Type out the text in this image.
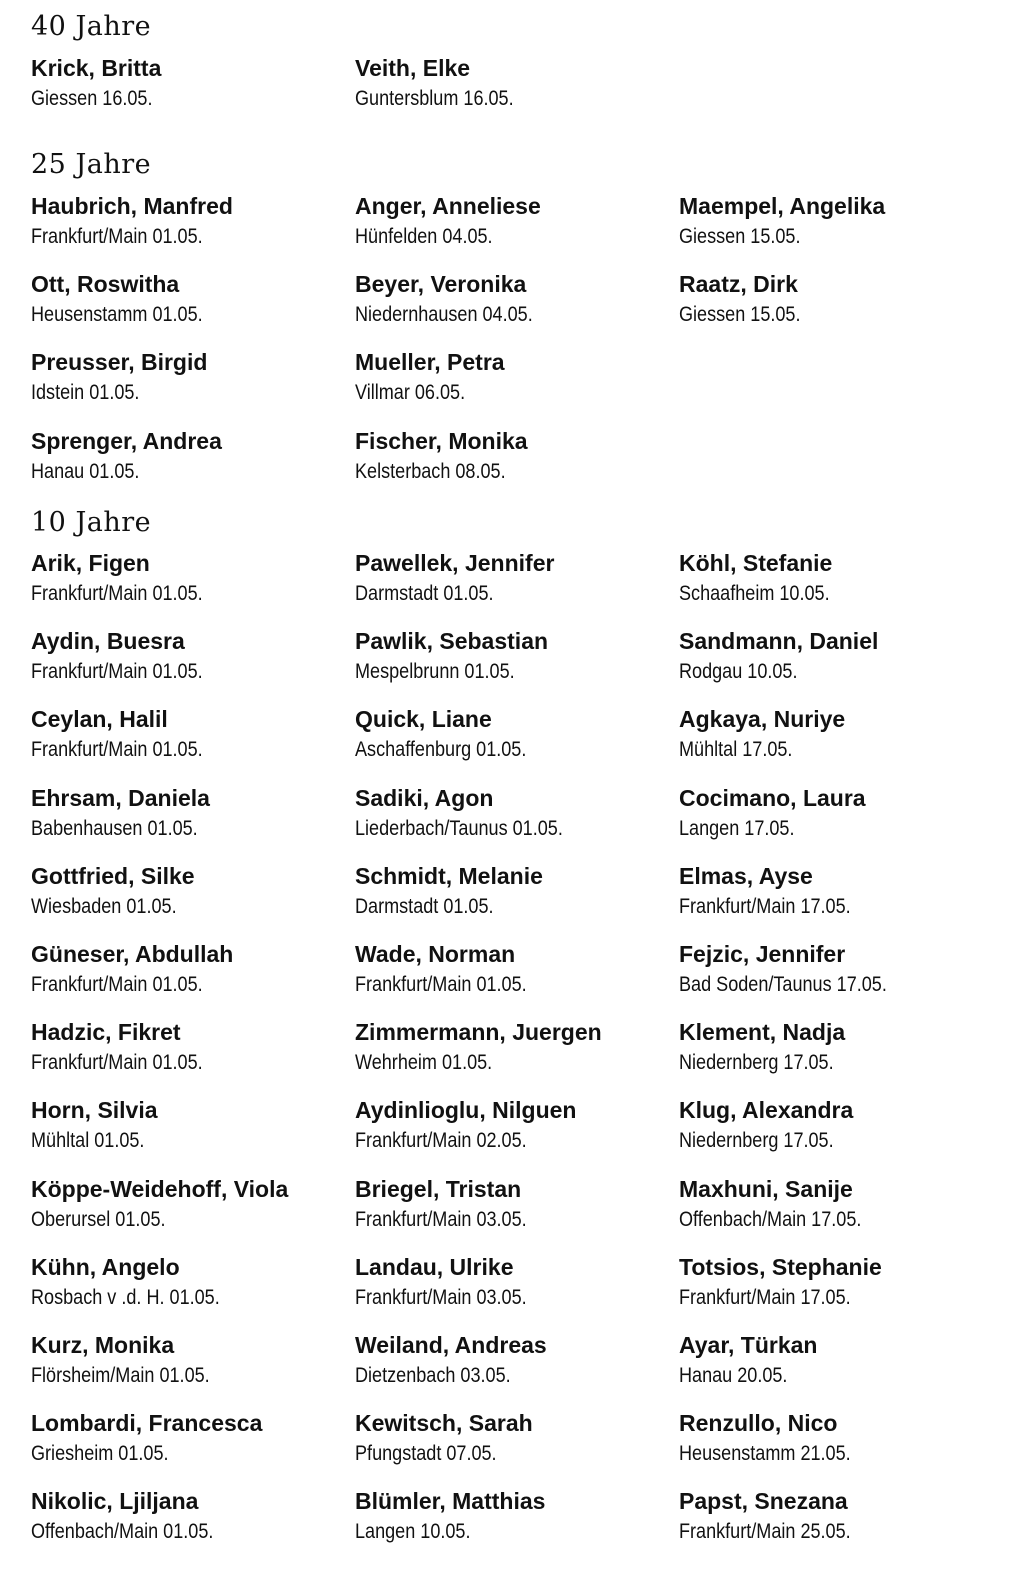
40 Jahre
Krick, Britta
Giessen 16.05.
Veith, Elke
Guntersblum 16.05.
25 Jahre
Haubrich, Manfred
Frankfurt/Main 01.05.
Ott, Roswitha
Heusenstamm 01.05.
Preusser, Birgid
Idstein 01.05.
Sprenger, Andrea
Hanau 01.05.
Anger, Anneliese
Hünfelden 04.05.
Beyer, Veronika
Niedernhausen 04.05.
Mueller, Petra
Villmar 06.05.
Fischer, Monika
Kelsterbach 08.05.
Maempel, Angelika
Giessen 15.05.
Raatz, Dirk
Giessen 15.05.
10 Jahre
Arik, Figen
Frankfurt/Main 01.05.
Aydin, Buesra
Frankfurt/Main 01.05.
Ceylan, Halil
Frankfurt/Main 01.05.
Ehrsam, Daniela
Babenhausen 01.05.
Gottfried, Silke
Wiesbaden 01.05.
Güneser, Abdullah
Frankfurt/Main 01.05.
Hadzic, Fikret
Frankfurt/Main 01.05.
Horn, Silvia
Mühltal 01.05.
Köppe-Weidehoff, Viola
Oberursel 01.05.
Kühn, Angelo
Rosbach v .d. H. 01.05.
Kurz, Monika
Flörsheim/Main 01.05.
Lombardi, Francesca
Griesheim 01.05.
Nikolic, Ljiljana
Offenbach/Main 01.05.
Pawellek, Jennifer
Darmstadt 01.05.
Pawlik, Sebastian
Mespelbrunn 01.05.
Quick, Liane
Aschaffenburg 01.05.
Sadiki, Agon
Liederbach/Taunus 01.05.
Schmidt, Melanie
Darmstadt 01.05.
Wade, Norman
Frankfurt/Main 01.05.
Zimmermann, Juergen
Wehrheim 01.05.
Aydinlioglu, Nilguen
Frankfurt/Main 02.05.
Briegel, Tristan
Frankfurt/Main 03.05.
Landau, Ulrike
Frankfurt/Main 03.05.
Weiland, Andreas
Dietzenbach 03.05.
Kewitsch, Sarah
Pfungstadt 07.05.
Blümler, Matthias
Langen 10.05.
Köhl, Stefanie
Schaafheim 10.05.
Sandmann, Daniel
Rodgau 10.05.
Agkaya, Nuriye
Mühltal 17.05.
Cocimano, Laura
Langen 17.05.
Elmas, Ayse
Frankfurt/Main 17.05.
Fejzic, Jennifer
Bad Soden/Taunus 17.05.
Klement, Nadja
Niedernberg 17.05.
Klug, Alexandra
Niedernberg 17.05.
Maxhuni, Sanije
Offenbach/Main 17.05.
Totsios, Stephanie
Frankfurt/Main 17.05.
Ayar, Türkan
Hanau 20.05.
Renzullo, Nico
Heusenstamm 21.05.
Papst, Snezana
Frankfurt/Main 25.05.
